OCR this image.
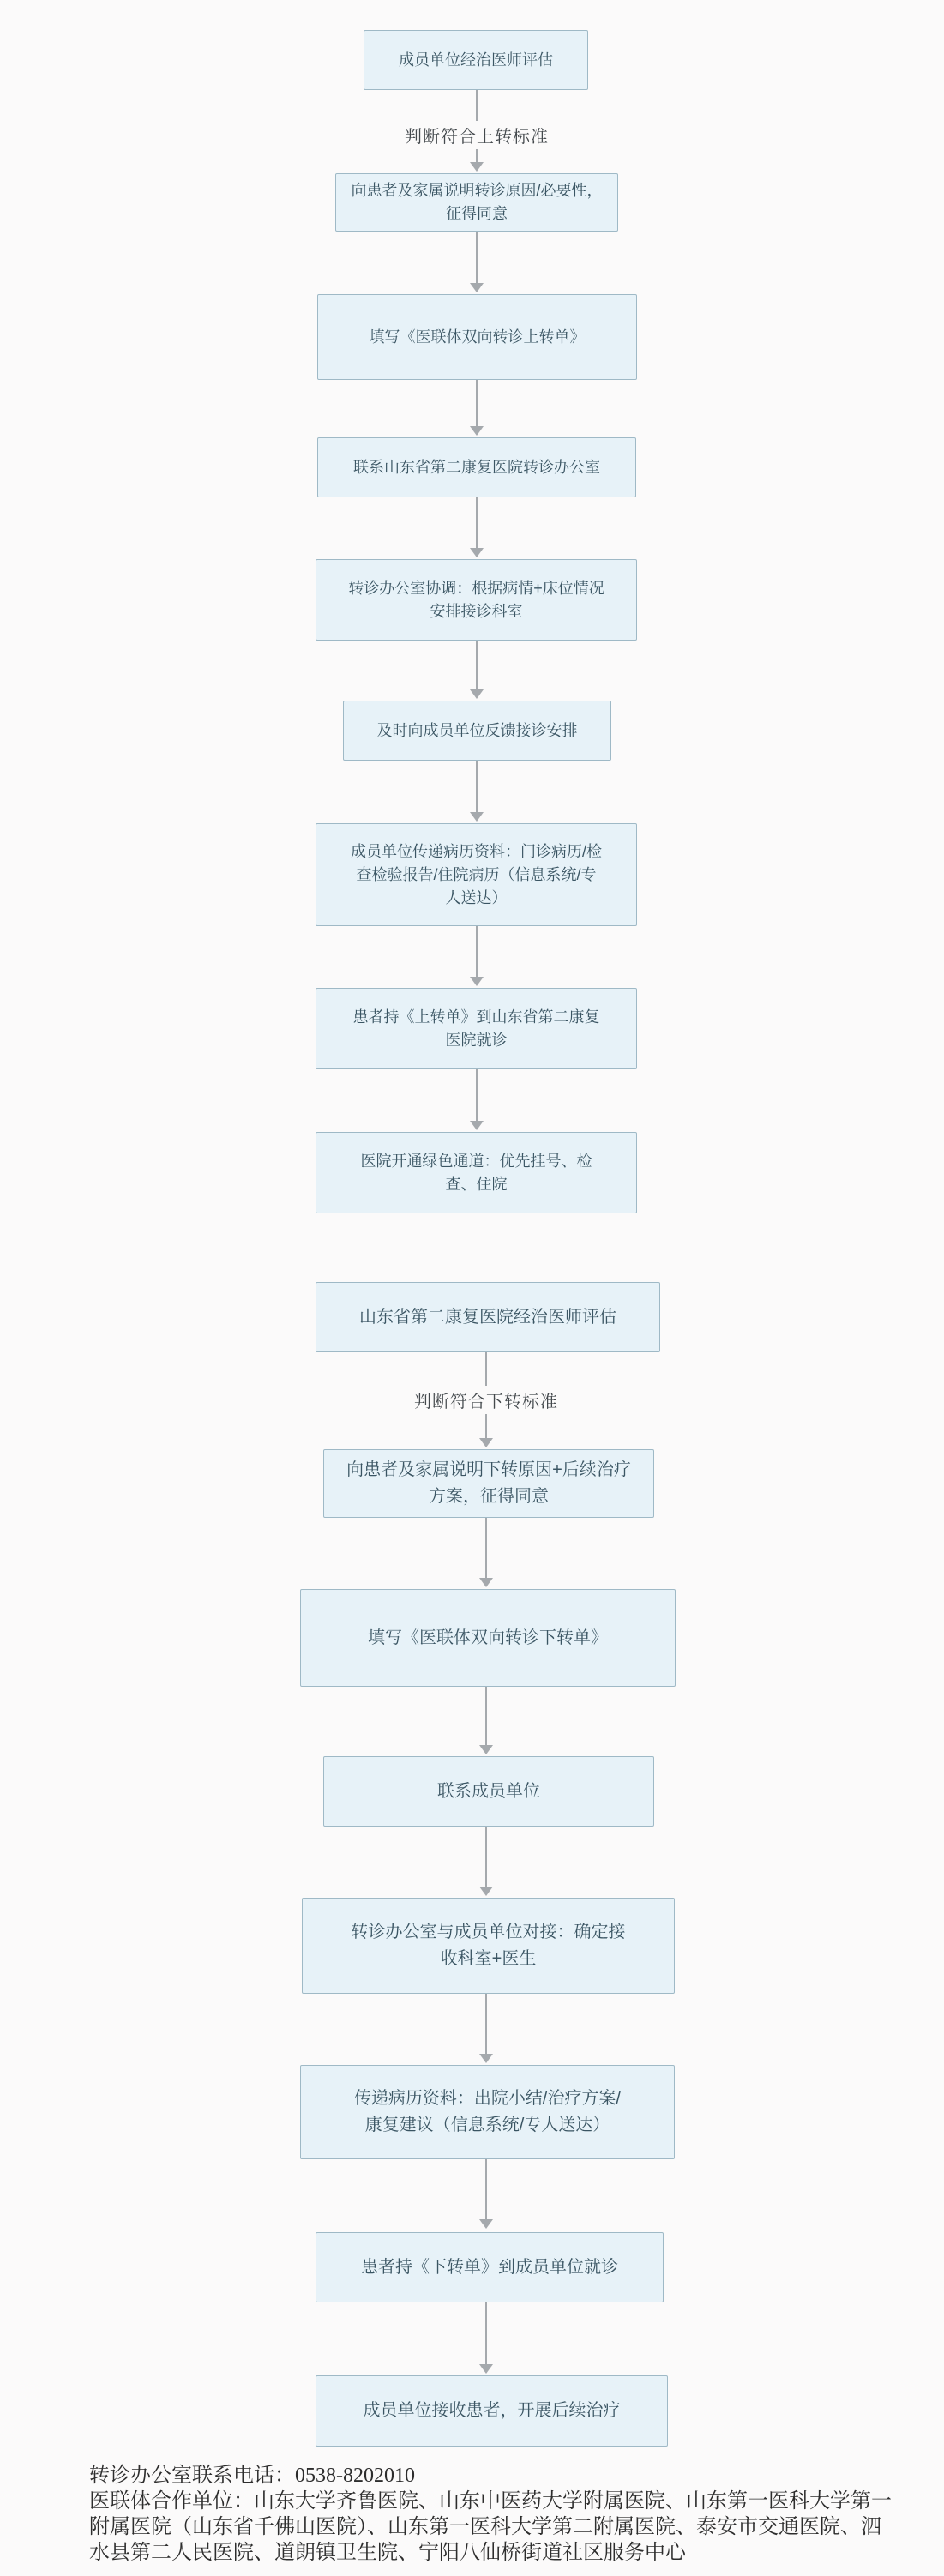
成员单位经治医师评估
判断符合上转标准
向患者及家属说明转诊原因/必要性，征得同意
填写《医联体双向转诊上转单》
联系山东省第二康复医院转诊办公室
转诊办公室协调：根据病情+床位情况安排接诊科室
及时向成员单位反馈接诊安排
成员单位传递病历资料：门诊病历/检查检验报告/住院病历（信息系统/专人送达）
患者持《上转单》到山东省第二康复医院就诊
医院开通绿色通道：优先挂号、检查、住院
山东省第二康复医院经治医师评估
判断符合下转标准
向患者及家属说明下转原因+后续治疗方案，征得同意
填写《医联体双向转诊下转单》
联系成员单位
转诊办公室与成员单位对接：确定接收科室+医生
传递病历资料：出院小结/治疗方案/康复建议（信息系统/专人送达）
患者持《下转单》到成员单位就诊
成员单位接收患者，开展后续治疗
转诊办公室联系电话：0538-8202010
医联体合作单位：山东大学齐鲁医院、山东中医药大学附属医院、山东第一医科大学第一
附属医院（山东省千佛山医院）、山东第一医科大学第二附属医院、泰安市交通医院、泗
水县第二人民医院、道朗镇卫生院、宁阳八仙桥街道社区服务中心
